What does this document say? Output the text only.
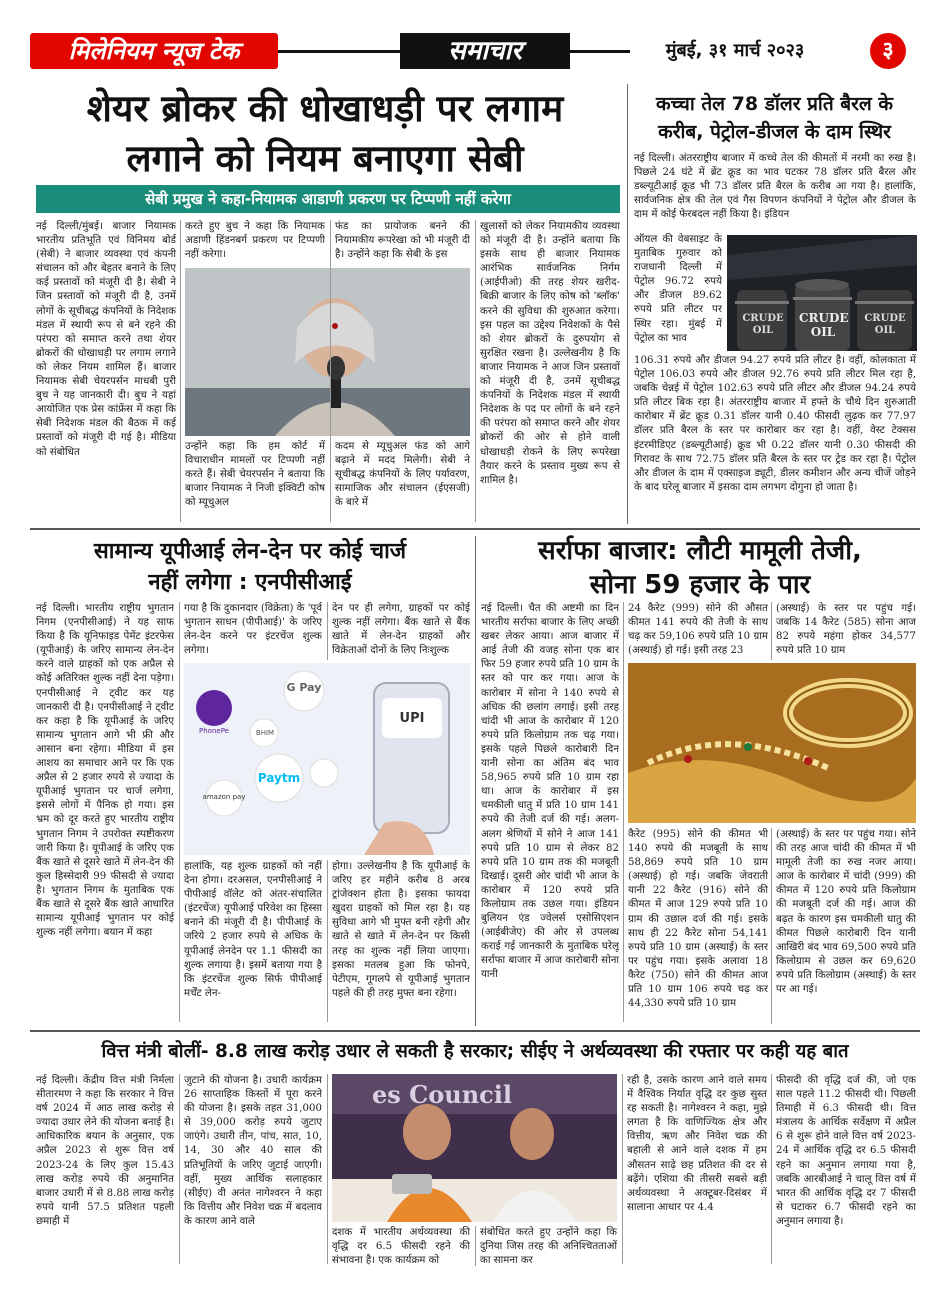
मिलेनियम न्यूज टेक	समाचार	मुंबई, ३१ मार्च २०२३	३
शेयर ब्रोकर की धोखाधड़ी पर लगाम
लगाने को नियम बनाएगा सेबी
सेबी प्रमुख ने कहा-नियामक आडाणी प्रकरण पर टिप्पणी नहीं करेगा
नई दिल्ली/मुंबई। बाजार नियामक भारतीय प्रतिभूति एवं विनिमय बोर्ड (सेबी) ने बाजार व्यवस्था एवं कंपनी संचालन को और बेहतर बनाने के लिए कई प्रस्तावों को मंजूरी दी है। सेबी ने जिन प्रस्तावों को मंजूरी दी है, उनमें लोगों के सूचीबद्ध कंपनियों के निदेशक मंडल में स्थायी रूप से बने रहने की परंपरा को समाप्त करने तथा शेयर ब्रोकरों की धोखाधड़ी पर लगाम लगाने को लेकर नियम शामिल हैं। बाजार नियामक सेबी चेयरपर्सन माधबी पुरी बुच ने यह जानकारी दी। बुच ने यहां आयोजित एक प्रेस कांफ्रेंस में कहा कि सेबी निदेशक मंडल की बैठक में कई प्रस्तावों को मंजूरी दी गई है। मीडिया को संबोधित
करते हुए बुच ने कहा कि नियामक अडाणी हिंडनबर्ग प्रकरण पर टिप्पणी नहीं करेगा।
फंड का प्रायोजक बनने की नियामकीय रूपरेखा को भी मंजूरी दी है। उन्होंने कहा कि सेबी के इस
उन्होंने कहा कि हम कोर्ट में विचाराधीन मामलों पर टिप्पणी नहीं करते हैं। सेबी चेयरपर्सन ने बताया कि बाजार नियामक ने निजी इक्विटी कोष को म्यूचुअल
कदम से म्यूचुअल फंड को आगे बढ़ाने में मदद मिलेगी। सेबी ने सूचीबद्ध कंपनियों के लिए पर्यावरण, सामाजिक और संचालन (ईएसजी) के बारे में
खुलासों को लेकर नियामकीय व्यवस्था को मंजूरी दी है। उन्होंने बताया कि इसके साथ ही बाजार नियामक आरंभिक सार्वजनिक निर्गम (आईपीओ) की तरह शेयर खरीद-बिक्री बाजार के लिए कोष को 'ब्लॉक' करने की सुविधा की शुरुआत करेगा। इस पहल का उद्देश्य निवेशकों के पैसे को शेयर ब्रोकरों के दुरुपयोग से सुरक्षित रखना है। उल्लेखनीय है कि बाजार नियामक ने आज जिन प्रस्तावों को मंजूरी दी है, उनमें सूचीबद्ध कंपनियों के निदेशक मंडल में स्थायी निदेशक के पद पर लोगों के बने रहने की परंपरा को समाप्त करने और शेयर ब्रोकरों की ओर से होने वाली धोखाधड़ी रोकने के लिए रूपरेखा तैयार करने के प्रस्ताव मुख्य रूप से शामिल है।
कच्चा तेल 78 डॉलर प्रति बैरल के
करीब, पेट्रोल-डीजल के दाम स्थिर
नई दिल्ली। अंतरराष्ट्रीय बाजार में कच्चे तेल की कीमतों में नरमी का रुख है। पिछले 24 घंटे में ब्रेंट क्रूड का भाव घटकर 78 डॉलर प्रति बैरल और डब्ल्यूटीआई क्रूड भी 73 डॉलर प्रति बैरल के करीब आ गया है। हालांकि, सार्वजनिक क्षेत्र की तेल एवं गैस विपणन कंपनियों ने पेट्रोल और डीजल के दाम में कोई फेरबदल नहीं किया है। इंडियन
ऑयल की वेबसाइट के मुताबिक गुरुवार को राजधानी दिल्ली में पेट्रोल 96.72 रुपये और डीजल 89.62 रुपये प्रति लीटर पर स्थिर रहा। मुंबई में पेट्रोल का भाव
CRUDE OIL
CRUDE OIL
CRUDE OIL
106.31 रुपये और डीजल 94.27 रुपये प्रति लीटर है। वहीं, कोलकाता में पेट्रोल 106.03 रुपये और डीजल 92.76 रुपये प्रति लीटर मिल रहा है, जबकि चेन्नई में पेट्रोल 102.63 रुपये प्रति लीटर और डीजल 94.24 रुपये प्रति लीटर बिक रहा है। अंतरराष्ट्रीय बाजार में हफ्ते के चौथे दिन शुरुआती कारोबार में ब्रेंट क्रूड 0.31 डॉलर यानी 0.40 फीसदी लुढ़क कर 77.97 डॉलर प्रति बैरल के स्तर पर कारोबार कर रहा है। वहीं, वेस्ट टेक्सस इंटरमीडिएट (डब्ल्यूटीआई) क्रूड भी 0.22 डॉलर यानी 0.30 फीसदी की गिरावट के साथ 72.75 डॉलर प्रति बैरल के स्तर पर ट्रेड कर रहा है। पेट्रोल और डीजल के दाम में एक्साइज ड्यूटी, डीलर कमीशन और अन्य चीजें जोड़ने के बाद घरेलू बाजार में इसका दाम लगभग दोगुना हो जाता है।
सामान्य यूपीआई लेन-देन पर कोई चार्ज
नहीं लगेगा : एनपीसीआई
नई दिल्ली। भारतीय राष्ट्रीय भुगतान निगम (एनपीसीआई) ने यह साफ किया है कि यूनिफाइड पेमेंट इंटरफेस (यूपीआई) के जरिए सामान्य लेन-देन करने वाले ग्राहकों को एक अप्रैल से कोई अतिरिक्त शुल्क नहीं देना पड़ेगा। एनपीसीआई ने ट्वीट कर यह जानकारी दी है। एनपीसीआई ने ट्वीट कर कहा है कि यूपीआई के जरिए सामान्य भुगतान आगे भी फ्री और आसान बना रहेगा। मीडिया में इस आशय का समाचार आने पर कि एक अप्रैल से 2 हजार रुपये से ज्यादा के यूपीआई भुगतान पर चार्ज लगेगा, इससे लोगों में पैनिक हो गया। इस भ्रम को दूर करते हुए भारतीय राष्ट्रीय भुगतान निगम ने उपरोक्त स्पष्टीकरण जारी किया है। यूपीआई के जरिए एक बैंक खाते से दूसरे खाते में लेन-देन की कुल हिस्सेदारी 99 फीसदी से ज्यादा है। भुगतान निगम के मुताबिक एक बैंक खाते से दूसरे बैंक खाते आधारित सामान्य यूपीआई भुगतान पर कोई शुल्क नहीं लगेगा। बयान में कहा
गया है कि दुकानदार (विक्रेता) के 'पूर्व भुगतान साधन (पीपीआई)' के जरिए लेन-देन करने पर इंटरचेंज शुल्क लगेगा।
देन पर ही लगेगा, ग्राहकों पर कोई शुल्क नहीं लगेगा। बैंक खाते से बैंक खाते में लेन-देन ग्राहकों और विक्रेताओं दोनों के लिए निःशुल्क
G Pay
PhonePe	BHIM
Paytm
amazon pay
UPI
हालांकि, यह शुल्क ग्राहकों को नहीं देना होगा। दरअसल, एनपीसीआई ने पीपीआई वॉलेट को अंतर-संचालित (इंटरचेंज) यूपीआई परिवेश का हिस्सा बनाने की मंजूरी दी है। पीपीआई के जरिये 2 हजार रुपये से अधिक के यूपीआई लेनदेन पर 1.1 फीसदी का शुल्क लगाया है। इसमें बताया गया है कि इंटरचेंज शुल्क सिर्फ पीपीआई मर्चेंट लेन-
होगा। उल्लेखनीय है कि यूपीआई के जरिए हर महीने करीब 8 अरब ट्रांजेक्शन होता है। इसका फायदा खुदरा ग्राहकों को मिल रहा है। यह सुविधा आगे भी मुफ्त बनी रहेगी और खाते से खाते में लेन-देन पर किसी तरह का शुल्क नहीं लिया जाएगा। इसका मतलब हुआ कि फोनपे, पेटीएम, गूगलपे से यूपीआई भुगतान पहले की ही तरह मुफ्त बना रहेगा।
सर्राफा बाजार: लौटी मामूली तेजी,
सोना 59 हजार के पार
नई दिल्ली। चैत की अष्टमी का दिन भारतीय सर्राफा बाजार के लिए अच्छी खबर लेकर आया। आज बाजार में आई तेजी की वजह सोना एक बार फिर 59 हजार रुपये प्रति 10 ग्राम के स्तर को पार कर गया। आज के कारोबार में सोना ने 140 रुपये से अधिक की छलांग लगाई। इसी तरह चांदी भी आज के कारोबार में 120 रुपये प्रति किलोग्राम तक चढ़ गया। इसके पहले पिछले कारोबारी दिन यानी सोना का अंतिम बंद भाव 58,965 रुपये प्रति 10 ग्राम रहा था। आज के कारोबार में इस चमकीली धातु में प्रति 10 ग्राम 141 रुपये की तेजी दर्ज की गई। अलग-अलग श्रेणियों में सोने ने आज 141 रुपये प्रति 10 ग्राम से लेकर 82 रुपये प्रति 10 ग्राम तक की मजबूती दिखाई। दूसरी ओर चांदी भी आज के कारोबार में 120 रुपये प्रति किलोग्राम तक उछल गया। इंडियन बुलियन एंड ज्वेलर्स एसोसिएशन (आईबीजेए) की ओर से उपलब्ध कराई गई जानकारी के मुताबिक घरेलू सर्राफा बाजार में आज कारोबारी सोना यानी
24 कैरेट (999) सोने की औसत कीमत 141 रुपये की तेजी के साथ चढ़ कर 59,106 रुपये प्रति 10 ग्राम (अस्थाई) हो गई। इसी तरह 23
(अस्थाई) के स्तर पर पहुंच गई। जबकि 14 कैरेट (585) सोना आज 82 रुपये महंगा होकर 34,577 रुपये प्रति 10 ग्राम
कैरेट (995) सोने की कीमत भी 140 रुपये की मजबूती के साथ 58,869 रुपये प्रति 10 ग्राम (अस्थाई) हो गई। जबकि जेवराती यानी 22 कैरेट (916) सोने की कीमत में आज 129 रुपये प्रति 10 ग्राम की उछाल दर्ज की गई। इसके साथ ही 22 कैरेट सोना 54,141 रुपये प्रति 10 ग्राम (अस्थाई) के स्तर पर पहुंच गया। इसके अलावा 18 कैरेट (750) सोने की कीमत आज प्रति 10 ग्राम 106 रुपये चढ़ कर 44,330 रुपये प्रति 10 ग्राम
(अस्थाई) के स्तर पर पहुंच गया। सोने की तरह आज चांदी की कीमत में भी मामूली तेजी का रुख नजर आया। आज के कारोबार में चांदी (999) की कीमत में 120 रुपये प्रति किलोग्राम की मजबूती दर्ज की गई। आज की बढ़त के कारण इस चमकीली धातु की कीमत पिछले कारोबारी दिन यानी आखिरी बंद भाव 69,500 रुपये प्रति किलोग्राम से उछल कर 69,620 रुपये प्रति किलोग्राम (अस्थाई) के स्तर पर आ गई।
वित्त मंत्री बोलीं- 8.8 लाख करोड़ उधार ले सकती है सरकार; सीईए ने अर्थव्यवस्था की रफ्तार पर कही यह बात
नई दिल्ली। केंद्रीय वित्त मंत्री निर्मला सीतारमण ने कहा कि सरकार ने वित्त वर्ष 2024 में आठ लाख करोड़ से ज्यादा उधार लेने की योजना बनाई है। आधिकारिक बयान के अनुसार, एक अप्रैल 2023 से शुरू वित्त वर्ष 2023-24 के लिए कुल 15.43 लाख करोड़ रुपये की अनुमानित बाजार उधारी में से 8.88 लाख करोड़ रुपये यानी 57.5 प्रतिशत पहली छमाही में
जुटाने की योजना है। उधारी कार्यक्रम 26 साप्ताहिक किस्तों में पूरा करने की योजना है। इसके तहत 31,000 से 39,000 करोड़ रुपये जुटाए जाएंगे। उधारी तीन, पांच, सात, 10, 14, 30 और 40 साल की प्रतिभूतियों के जरिए जुटाई जाएगी। वहीं, मुख्य आर्थिक सलाहकार (सीईए) वी अनंत नागेश्वरन ने कहा कि वित्तीय और निवेश चक्र में बदलाव के कारण आने वाले
es Council
दशक में भारतीय अर्थव्यवस्था की वृद्धि दर 6.5 फीसदी रहने की संभावना है। एक कार्यक्रम को
संबोधित करते हुए उन्होंने कहा कि दुनिया जिस तरह की अनिश्चितताओं का सामना कर
रही है, उसके कारण आने वाले समय में वैश्विक निर्यात वृद्धि दर कुछ सुस्त रह सकती है। नागेश्वरन ने कहा, मुझे लगता है कि वाणिज्यिक क्षेत्र और वित्तीय, ऋण और निवेश चक्र की बहाली से आने वाले दशक में हम औसतन साढ़े छह प्रतिशत की दर से बढ़ेंगे। एशिया की तीसरी सबसे बड़ी अर्थव्यवस्था ने अक्टूबर-दिसंबर में सालाना आधार पर 4.4
फीसदी की वृद्धि दर्ज की, जो एक साल पहले 11.2 फीसदी थी। पिछली तिमाही में 6.3 फीसदी थी। वित्त मंत्रालय के आर्थिक सर्वेक्षण में अप्रैल 6 से शुरू होने वाले वित्त वर्ष 2023-24 में आर्थिक वृद्धि दर 6.5 फीसदी रहने का अनुमान लगाया गया है, जबकि आरबीआई ने चालू वित्त वर्ष में भारत की आर्थिक वृद्धि दर 7 फीसदी से घटाकर 6.7 फीसदी रहने का अनुमान लगाया है।
